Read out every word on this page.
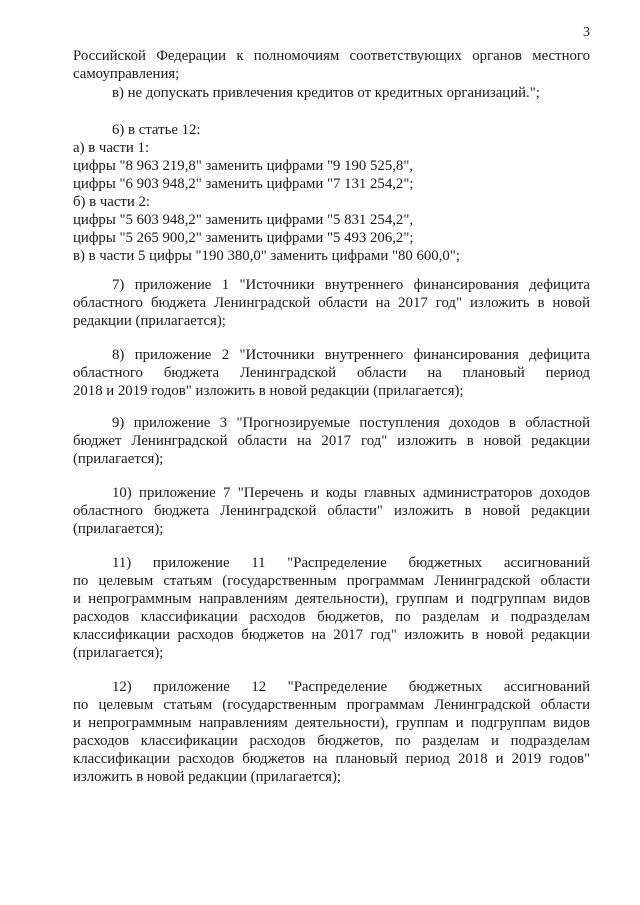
3
Российской Федерации к полномочиям соответствующих органов местного
самоуправления;
в) не допускать привлечения кредитов от кредитных организаций.";
6) в статье 12:
а) в части 1:
цифры "8 963 219,8" заменить цифрами "9 190 525,8",
цифры "6 903 948,2" заменить цифрами "7 131 254,2";
б) в части 2:
цифры "5 603 948,2" заменить цифрами "5 831 254,2",
цифры "5 265 900,2" заменить цифрами "5 493 206,2";
в) в части 5 цифры "190 380,0" заменить цифрами "80 600,0";
7) приложение 1 "Источники внутреннего финансирования дефицита
областного бюджета Ленинградской области на 2017 год" изложить в новой
редакции (прилагается);
8) приложение 2 "Источники внутреннего финансирования дефицита
областного бюджета Ленинградской области на плановый период
2018 и 2019 годов" изложить в новой редакции (прилагается);
9) приложение 3 "Прогнозируемые поступления доходов в областной
бюджет Ленинградской области на 2017 год" изложить в новой редакции
(прилагается);
10) приложение 7 "Перечень и коды главных администраторов доходов
областного бюджета Ленинградской области" изложить в новой редакции
(прилагается);
11) приложение 11 "Распределение бюджетных ассигнований
по целевым статьям (государственным программам Ленинградской области
и непрограммным направлениям деятельности), группам и подгруппам видов
расходов классификации расходов бюджетов, по разделам и подразделам
классификации расходов бюджетов на 2017 год" изложить в новой редакции
(прилагается);
12) приложение 12 "Распределение бюджетных ассигнований
по целевым статьям (государственным программам Ленинградской области
и непрограммным направлениям деятельности), группам и подгруппам видов
расходов классификации расходов бюджетов, по разделам и подразделам
классификации расходов бюджетов на плановый период 2018 и 2019 годов"
изложить в новой редакции (прилагается);
